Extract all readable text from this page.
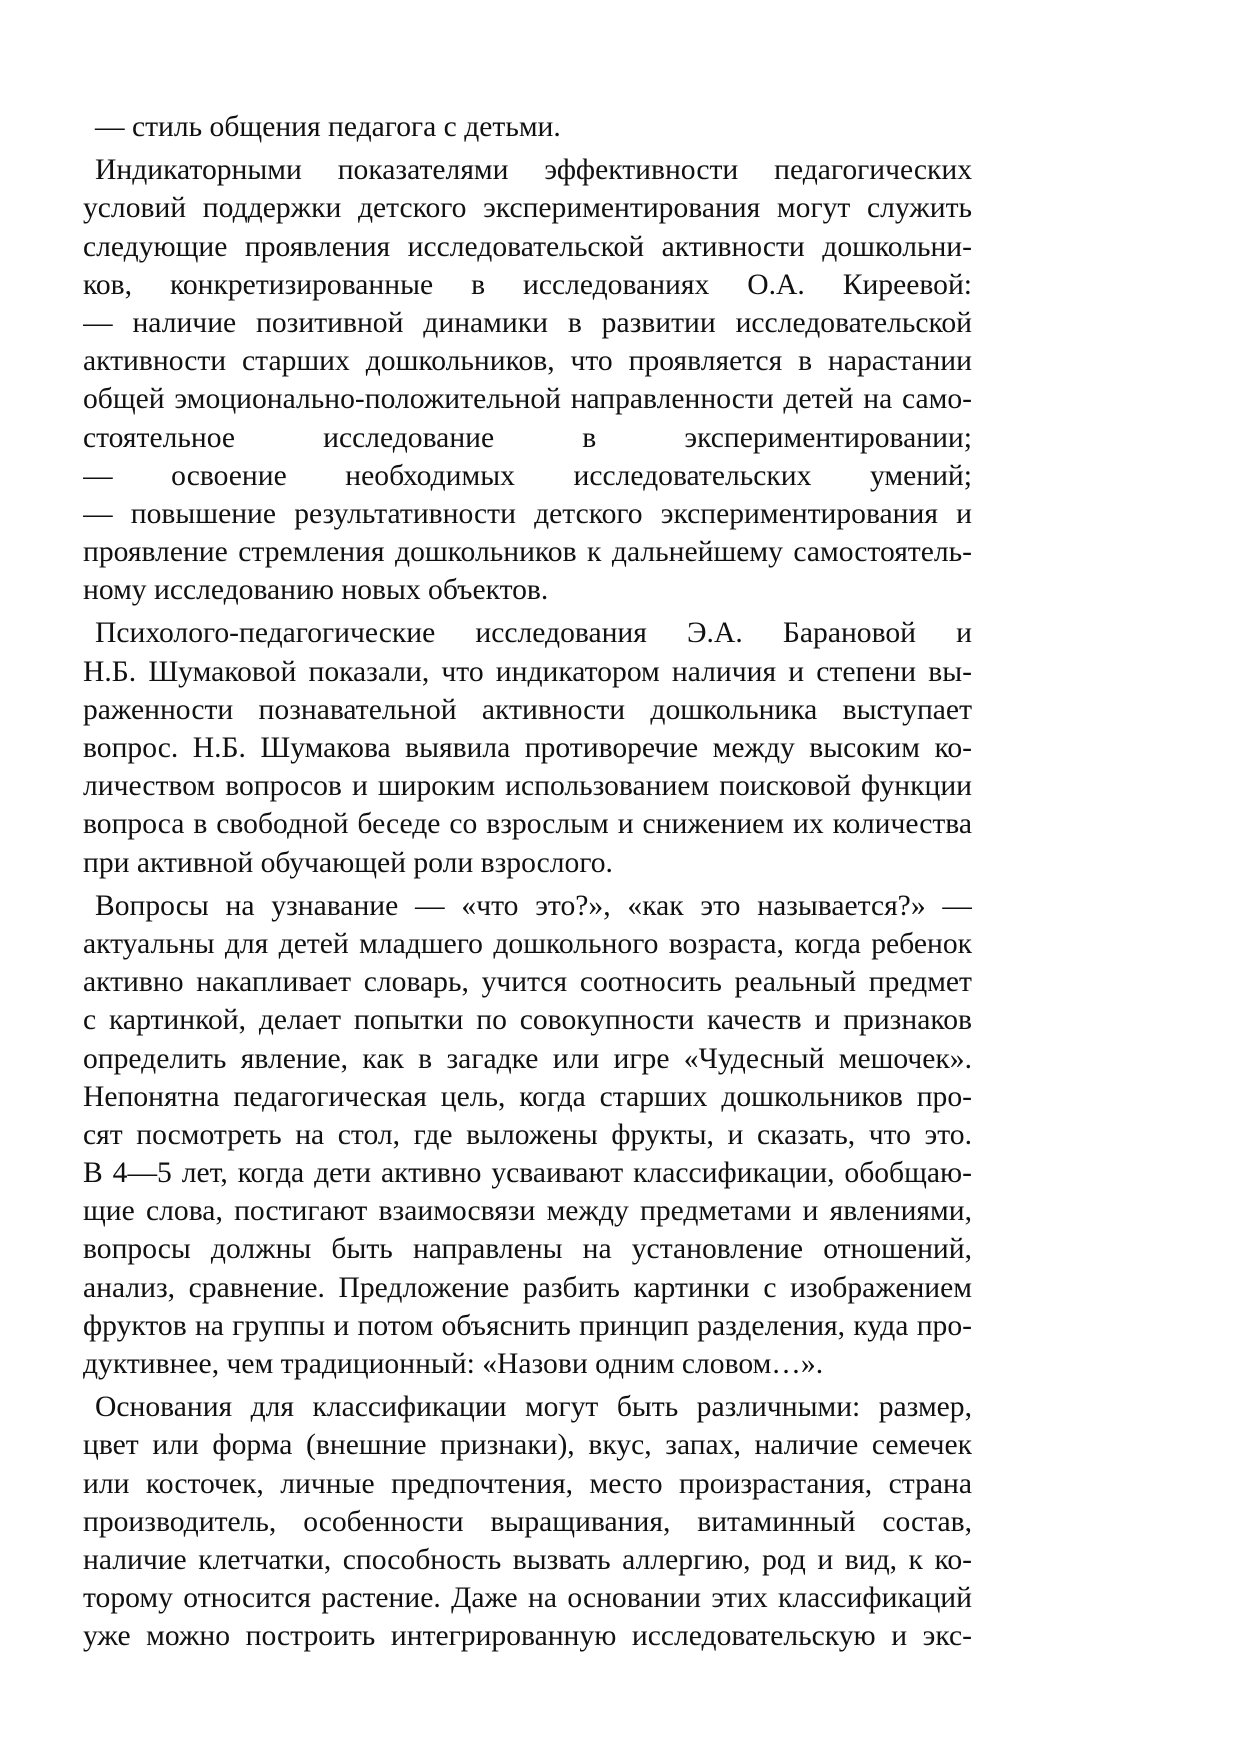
— стиль общения педагога с детьми.
Индикаторными показателями эффективности педагогических
условий поддержки детского экспериментирования могут служить
следующие проявления исследовательской активности дошкольни-
ков, конкретизированные в исследованиях О.А. Киреевой:
— наличие позитивной динамики в развитии исследовательской
активности старших дошкольников, что проявляется в нарастании
общей эмоционально-положительной направленности детей на само-
стоятельное исследование в экспериментировании;
— освоение необходимых исследовательских умений;
— повышение результативности детского экспериментирования и
проявление стремления дошкольников к дальнейшему самостоятель-
ному исследованию новых объектов.
Психолого-педагогические исследования Э.А. Барановой и
Н.Б. Шумаковой показали, что индикатором наличия и степени вы-
раженности познавательной активности дошкольника выступает
вопрос. Н.Б. Шумакова выявила противоречие между высоким ко-
личеством вопросов и широким использованием поисковой функции
вопроса в свободной беседе со взрослым и снижением их количества
при активной обучающей роли взрослого.
Вопросы на узнавание — «что это?», «как это называется?» —
актуальны для детей младшего дошкольного возраста, когда ребенок
активно накапливает словарь, учится соотносить реальный предмет
с картинкой, делает попытки по совокупности качеств и признаков
определить явление, как в загадке или игре «Чудесный мешочек».
Непонятна педагогическая цель, когда старших дошкольников про-
сят посмотреть на стол, где выложены фрукты, и сказать, что это.
В 4—5 лет, когда дети активно усваивают классификации, обобщаю-
щие слова, постигают взаимосвязи между предметами и явлениями,
вопросы должны быть направлены на установление отношений,
анализ, сравнение. Предложение разбить картинки с изображением
фруктов на группы и потом объяснить принцип разделения, куда про-
дуктивнее, чем традиционный: «Назови одним словом…».
Основания для классификации могут быть различными: размер,
цвет или форма (внешние признаки), вкус, запах, наличие семечек
или косточек, личные предпочтения, место произрастания, страна
производитель, особенности выращивания, витаминный состав,
наличие клетчатки, способность вызвать аллергию, род и вид, к ко-
торому относится растение. Даже на основании этих классификаций
уже можно построить интегрированную исследовательскую и экс-
